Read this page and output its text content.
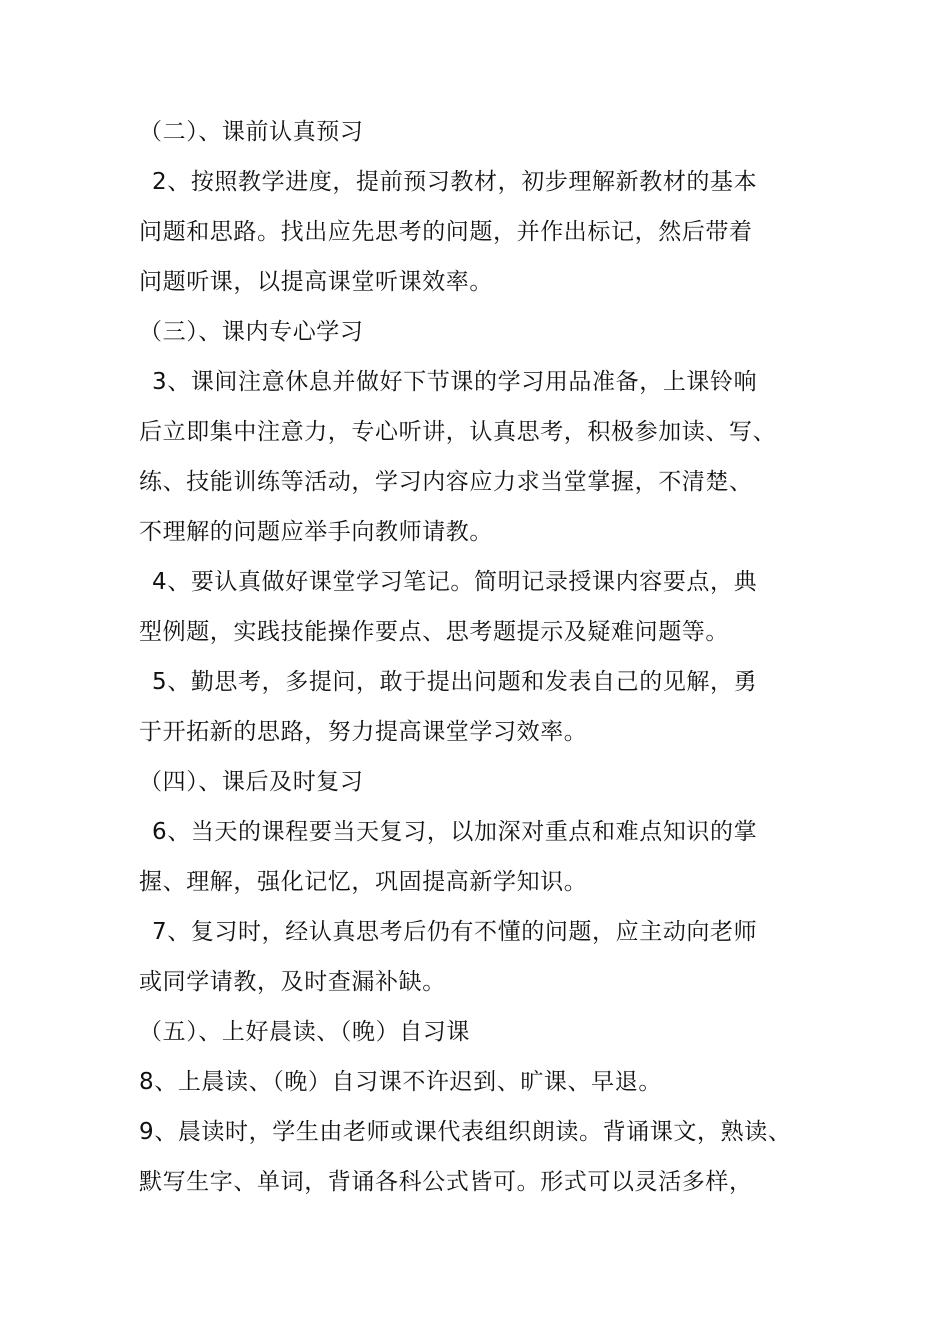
（二）、课前认真预习
2、按照教学进度，提前预习教材，初步理解新教材的基本
问题和思路。找出应先思考的问题，并作出标记，然后带着
问题听课，以提高课堂听课效率。
（三）、课内专心学习
3、课间注意休息并做好下节课的学习用品准备，上课铃响
后立即集中注意力，专心听讲，认真思考，积极参加读、写、
练、技能训练等活动，学习内容应力求当堂掌握，不清楚、
不理解的问题应举手向教师请教。
4、要认真做好课堂学习笔记。简明记录授课内容要点，典
型例题，实践技能操作要点、思考题提示及疑难问题等。
5、勤思考，多提问，敢于提出问题和发表自己的见解，勇
于开拓新的思路，努力提高课堂学习效率。
（四）、课后及时复习
6、当天的课程要当天复习，以加深对重点和难点知识的掌
握、理解，强化记忆，巩固提高新学知识。
7、复习时，经认真思考后仍有不懂的问题，应主动向老师
或同学请教，及时查漏补缺。
（五）、上好晨读、（晚）自习课
8、上晨读、（晚）自习课不许迟到、旷课、早退。
9、晨读时，学生由老师或课代表组织朗读。背诵课文，熟读、
默写生字、单词，背诵各科公式皆可。形式可以灵活多样，
